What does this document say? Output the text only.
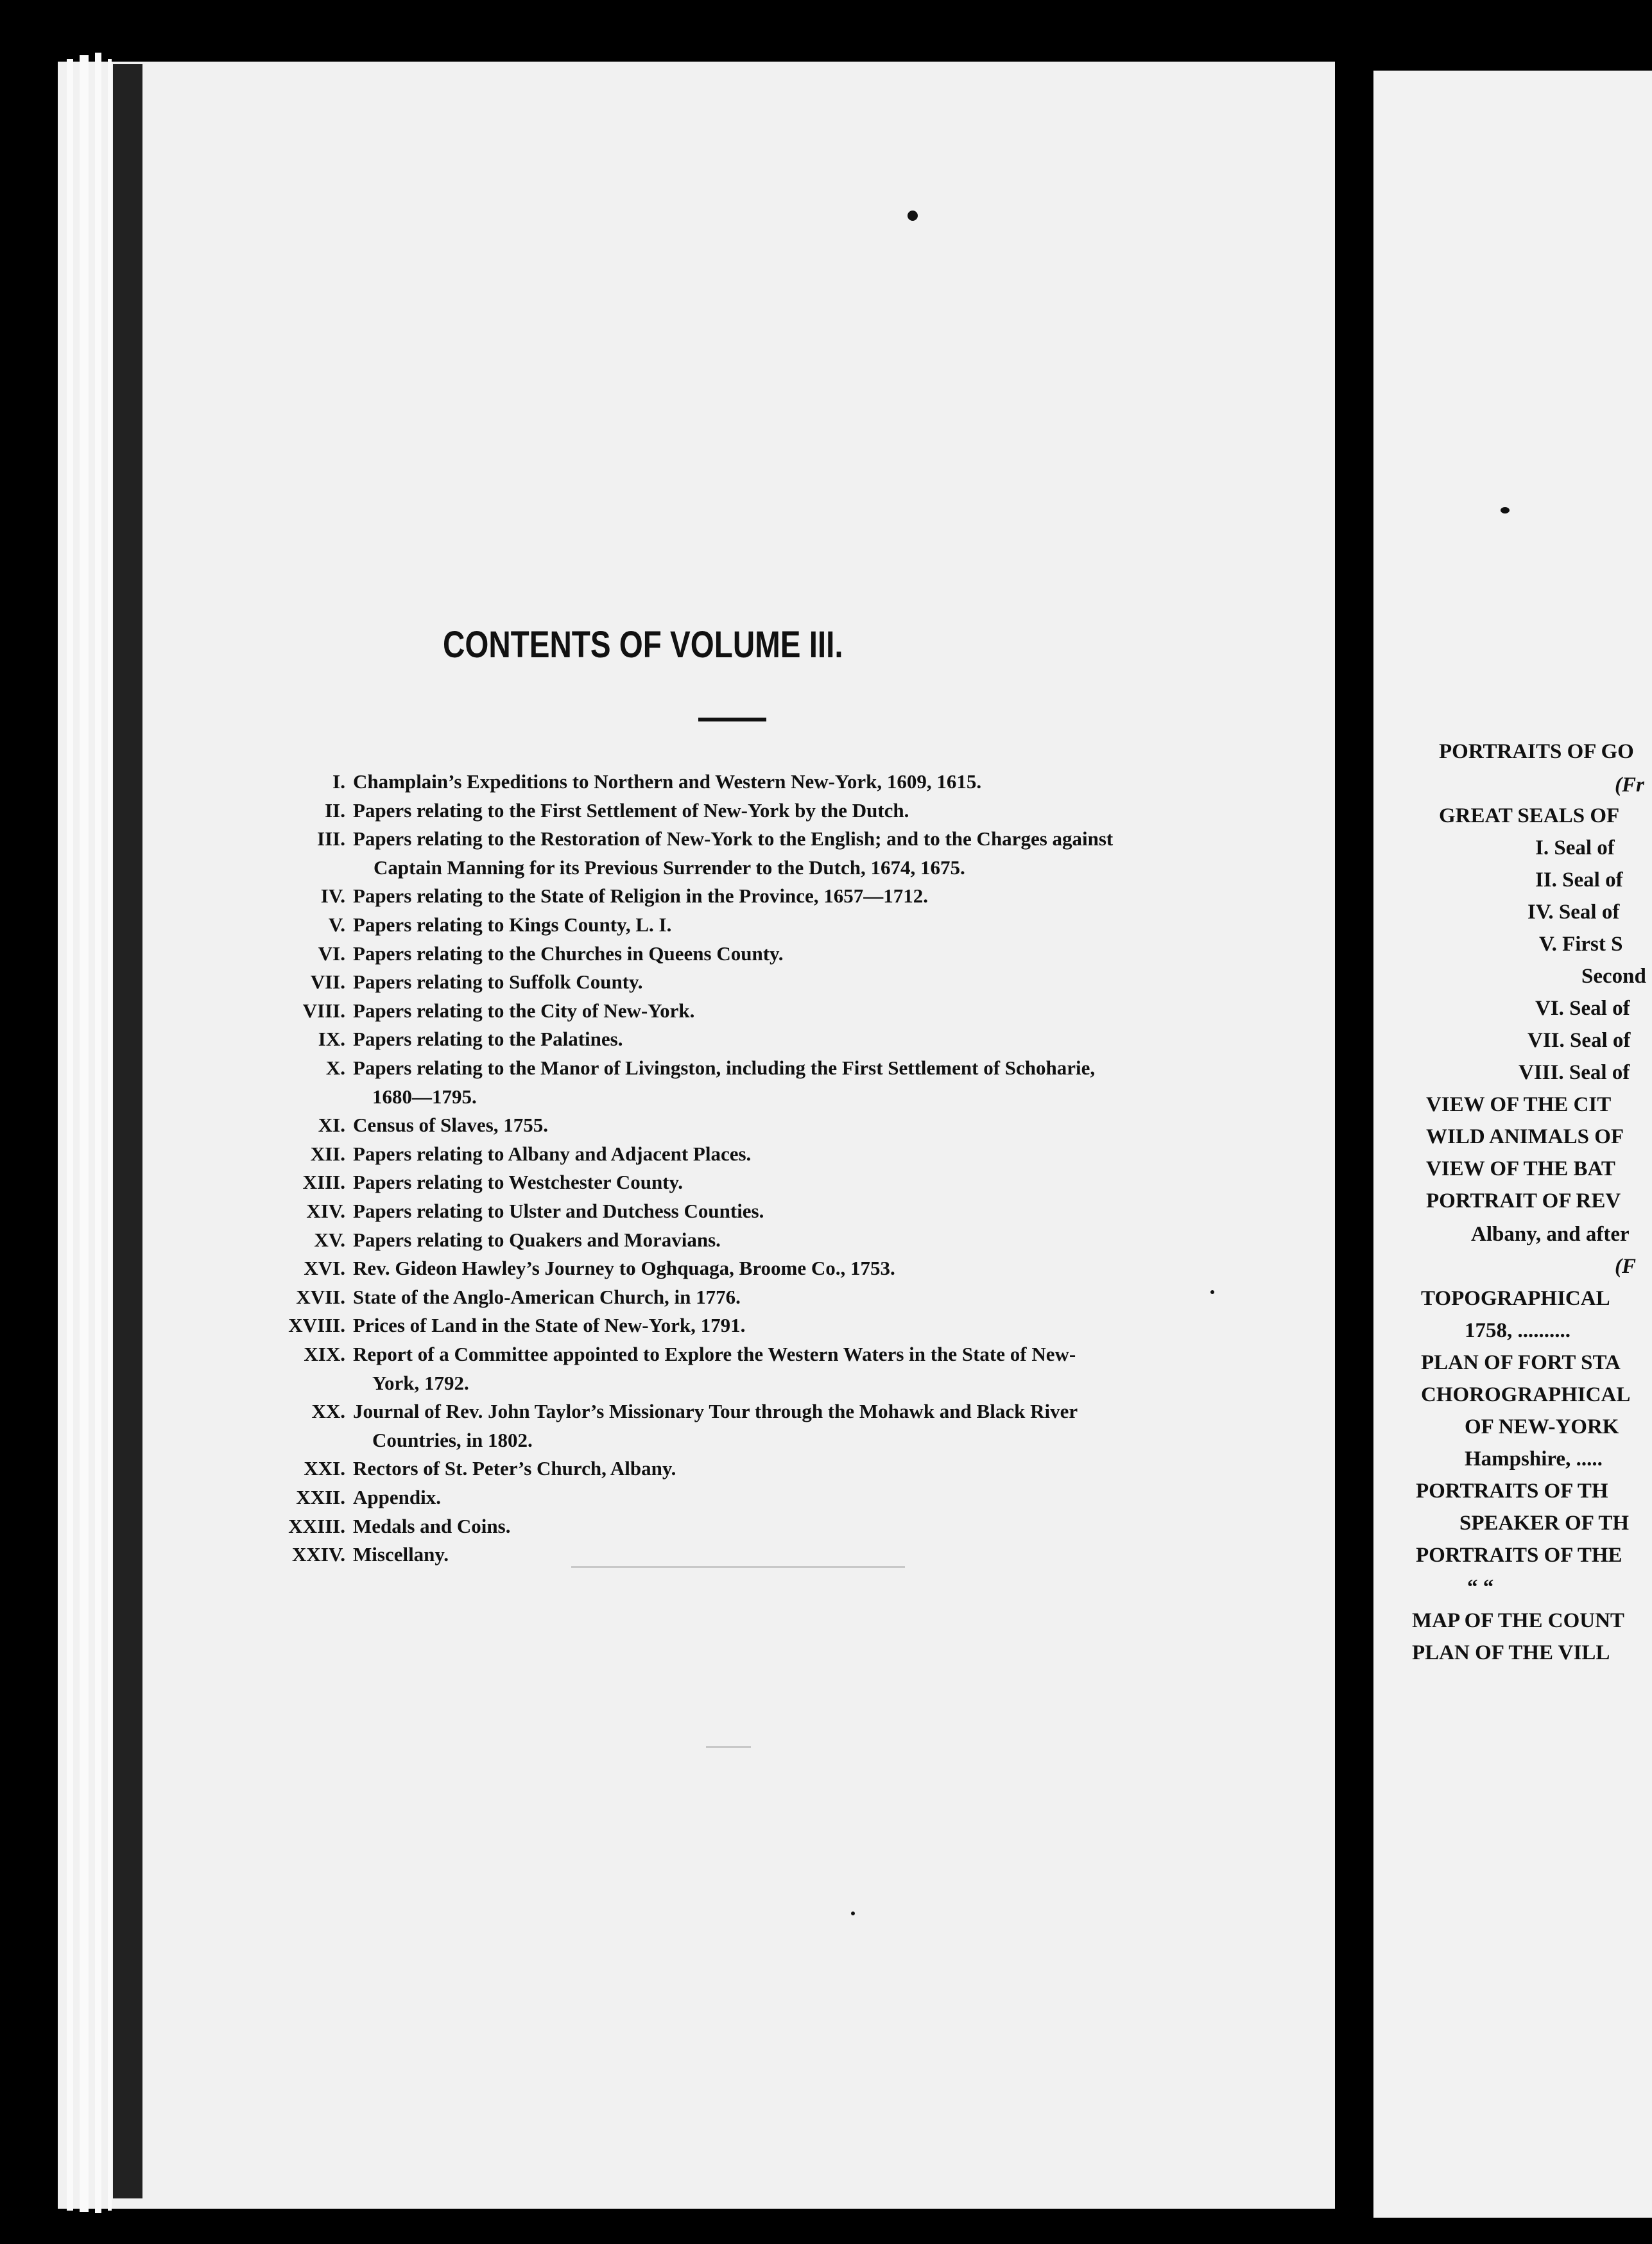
CONTENTS OF VOLUME III.
I. Champlain’s Expeditions to Northern and Western New-York, 1609, 1615.
II. Papers relating to the First Settlement of New-York by the Dutch.
III. Papers relating to the Restoration of New-York to the English; and to the Charges against
Captain Manning for its Previous Surrender to the Dutch, 1674, 1675.
IV. Papers relating to the State of Religion in the Province, 1657—1712.
V. Papers relating to Kings County, L. I.
VI. Papers relating to the Churches in Queens County.
VII. Papers relating to Suffolk County.
VIII. Papers relating to the City of New-York.
IX. Papers relating to the Palatines.
X. Papers relating to the Manor of Livingston, including the First Settlement of Schoharie,
1680—1795.
XI. Census of Slaves, 1755.
XII. Papers relating to Albany and Adjacent Places.
XIII. Papers relating to Westchester County.
XIV. Papers relating to Ulster and Dutchess Counties.
XV. Papers relating to Quakers and Moravians.
XVI. Rev. Gideon Hawley’s Journey to Oghquaga, Broome Co., 1753.
XVII. State of the Anglo-American Church, in 1776.
XVIII. Prices of Land in the State of New-York, 1791.
XIX. Report of a Committee appointed to Explore the Western Waters in the State of New-
York, 1792.
XX. Journal of Rev. John Taylor’s Missionary Tour through the Mohawk and Black River
Countries, in 1802.
XXI. Rectors of St. Peter’s Church, Albany.
XXII. Appendix.
XXIII. Medals and Coins.
XXIV. Miscellany.
PORTRAITS OF GO
(Fr
GREAT SEALS OF
I. Seal of
II. Seal of
IV. Seal of
V. First S
Second
VI. Seal of
VII. Seal of
VIII. Seal of
VIEW OF THE CIT
WILD ANIMALS OF
VIEW OF THE BAT
PORTRAIT OF REV
Albany, and after
(F
TOPOGRAPHICAL
1758, ..........
PLAN OF FORT STA
CHOROGRAPHICAL
OF NEW-YORK
Hampshire, .....
PORTRAITS OF TH
SPEAKER OF TH
PORTRAITS OF THE
“ “
MAP OF THE COUNT
PLAN OF THE VILL
